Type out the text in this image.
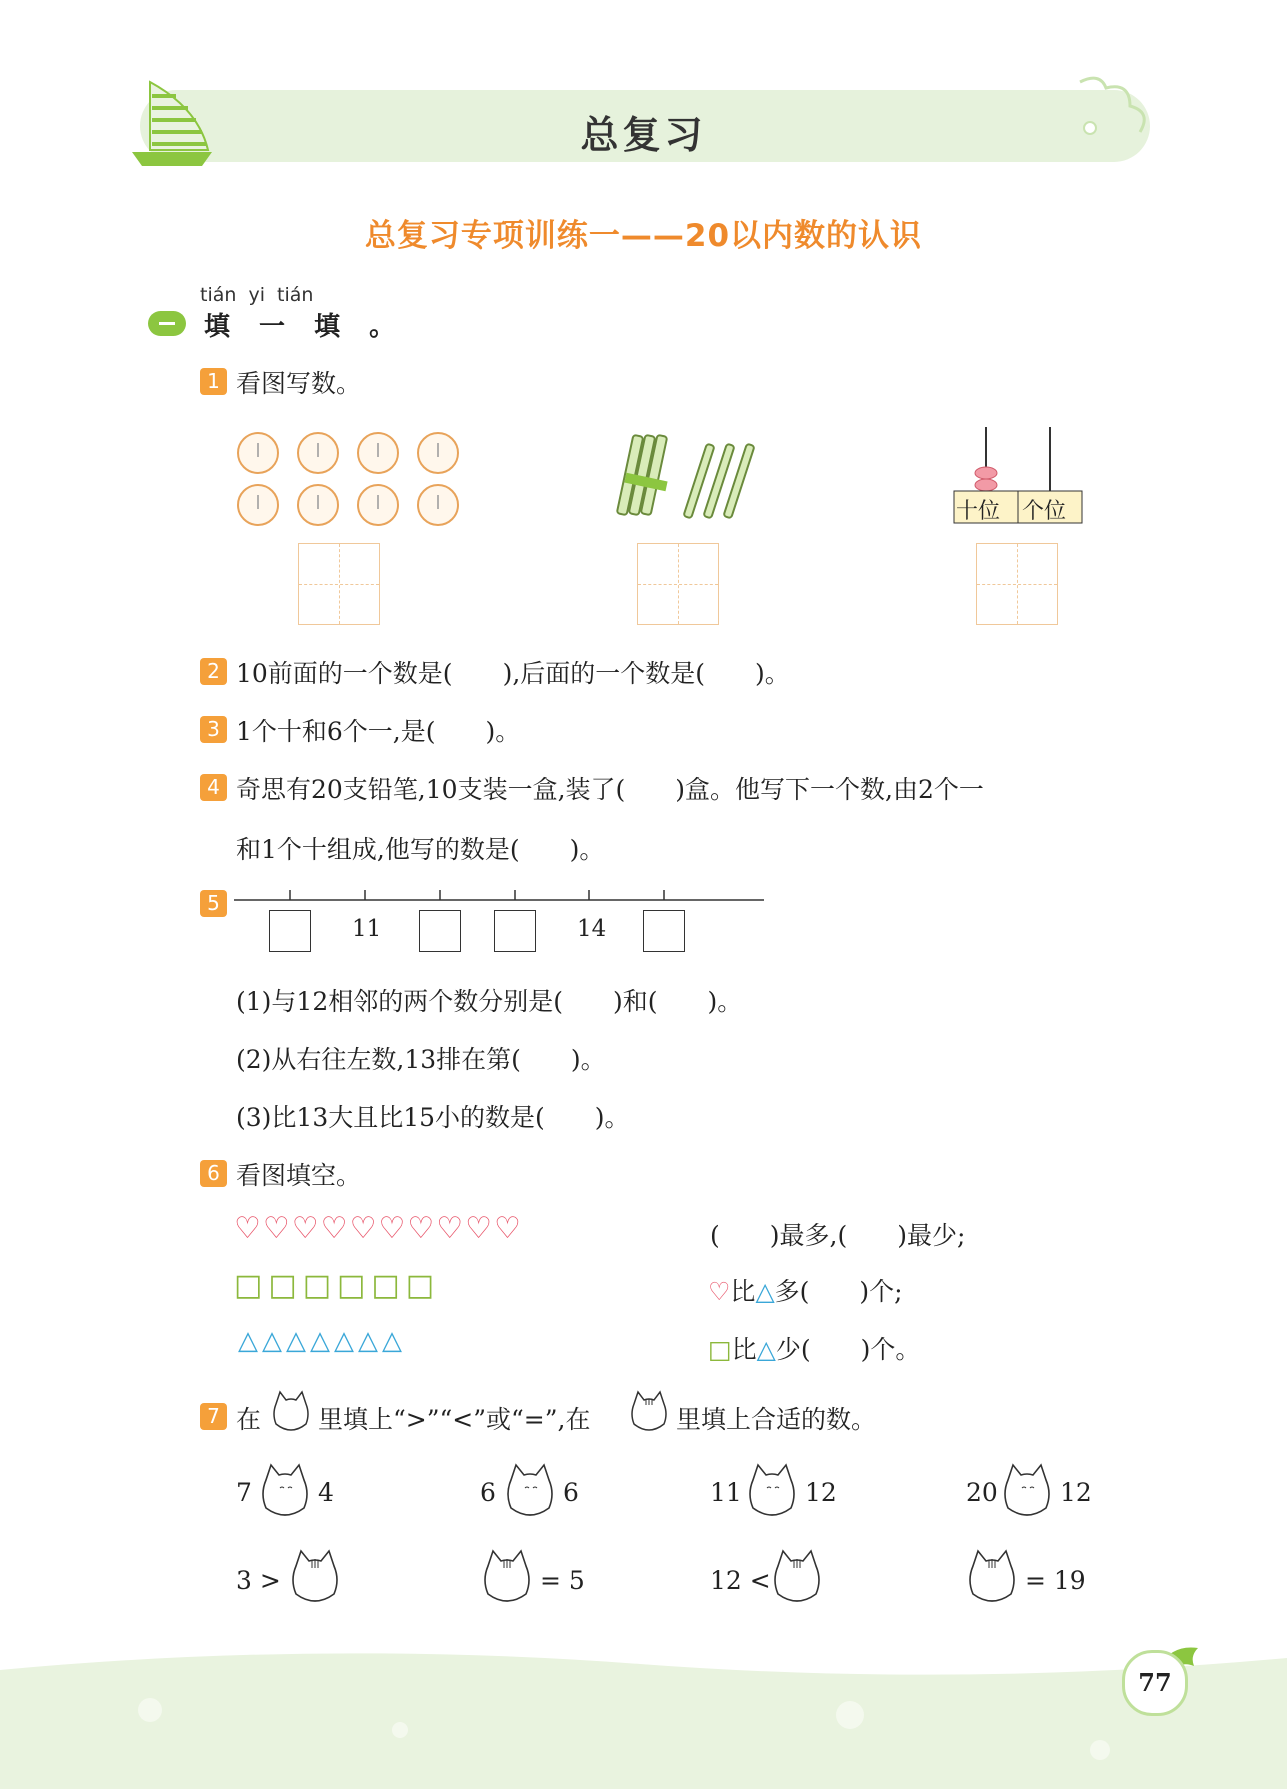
总复习
总复习专项训练一——20以内数的认识
tián yi tián
填 一 填 。
1 看图写数。
十位 个位
2 10前面的一个数是(　　),后面的一个数是(　　)。
3 1个十和6个一,是(　　)。
4 奇思有20支铅笔,10支装一盒,装了(　　)盒。他写下一个数,由2个一
和1个十组成,他写的数是(　　)。
5
11	14
(1)与12相邻的两个数分别是(　　)和(　　)。
(2)从右往左数,13排在第(　　)。
(3)比13大且比15小的数是(　　)。
6 看图填空。
♡♡♡♡♡♡♡♡♡♡
□□□□□□
△△△△△△△
(　　)最多,(　　)最少;
♡比△多(　　)个;
□比△少(　　)个。
7 在 里填上“>”“<”或“=”,在	里填上合适的数。
7	4	6	6	11	12	20 12
3 >	= 5	12 <	= 19
77
